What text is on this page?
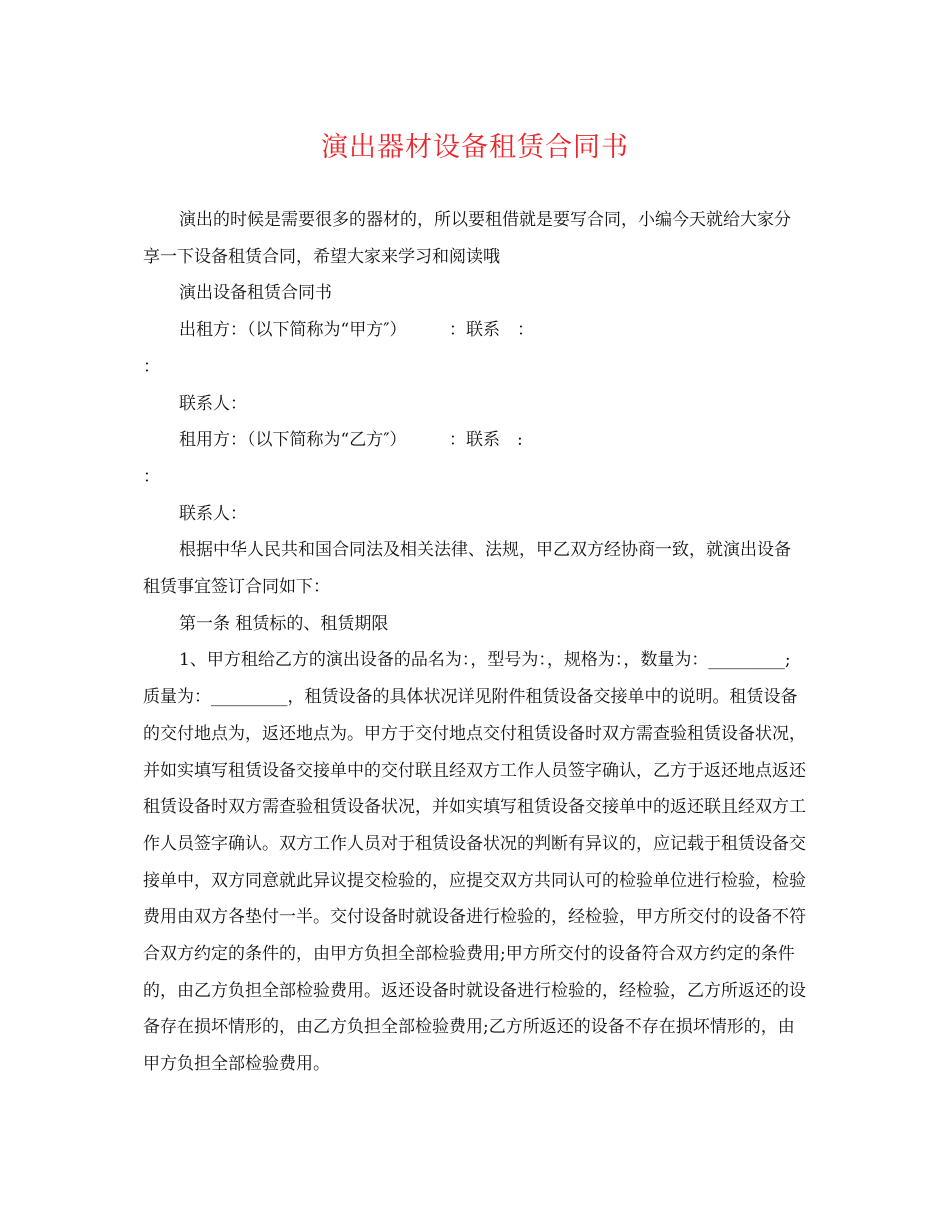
演出器材设备租赁合同书

演出的时候是需要很多的器材的，所以要租借就是要写合同，小编今天就给大家分享一下设备租赁合同，希望大家来学习和阅读哦

演出设备租赁合同书

出租方：（以下简称为“甲方″）　　　：联系　：

：

联系人：

租用方：（以下简称为“乙方″）　　　：联系　:

：

联系人：

根据中华人民共和国合同法及相关法律、法规，甲乙双方经协商一致，就演出设备租赁事宜签订合同如下：

第一条 租赁标的、租赁期限

1、甲方租给乙方的演出设备的品名为：，型号为：，规格为：，数量为：_________;质量为：_________，租赁设备的具体状况详见附件租赁设备交接单中的说明。租赁设备的交付地点为，返还地点为。甲方于交付地点交付租赁设备时双方需查验租赁设备状况，并如实填写租赁设备交接单中的交付联且经双方工作人员签字确认，乙方于返还地点返还租赁设备时双方需查验租赁设备状况，并如实填写租赁设备交接单中的返还联且经双方工作人员签字确认。双方工作人员对于租赁设备状况的判断有异议的，应记载于租赁设备交接单中，双方同意就此异议提交检验的，应提交双方共同认可的检验单位进行检验，检验费用由双方各垫付一半。交付设备时就设备进行检验的，经检验，甲方所交付的设备不符合双方约定的条件的，由甲方负担全部检验费用;甲方所交付的设备符合双方约定的条件的，由乙方负担全部检验费用。返还设备时就设备进行检验的，经检验，乙方所返还的设备存在损坏情形的，由乙方负担全部检验费用;乙方所返还的设备不存在损坏情形的，由甲方负担全部检验费用。
